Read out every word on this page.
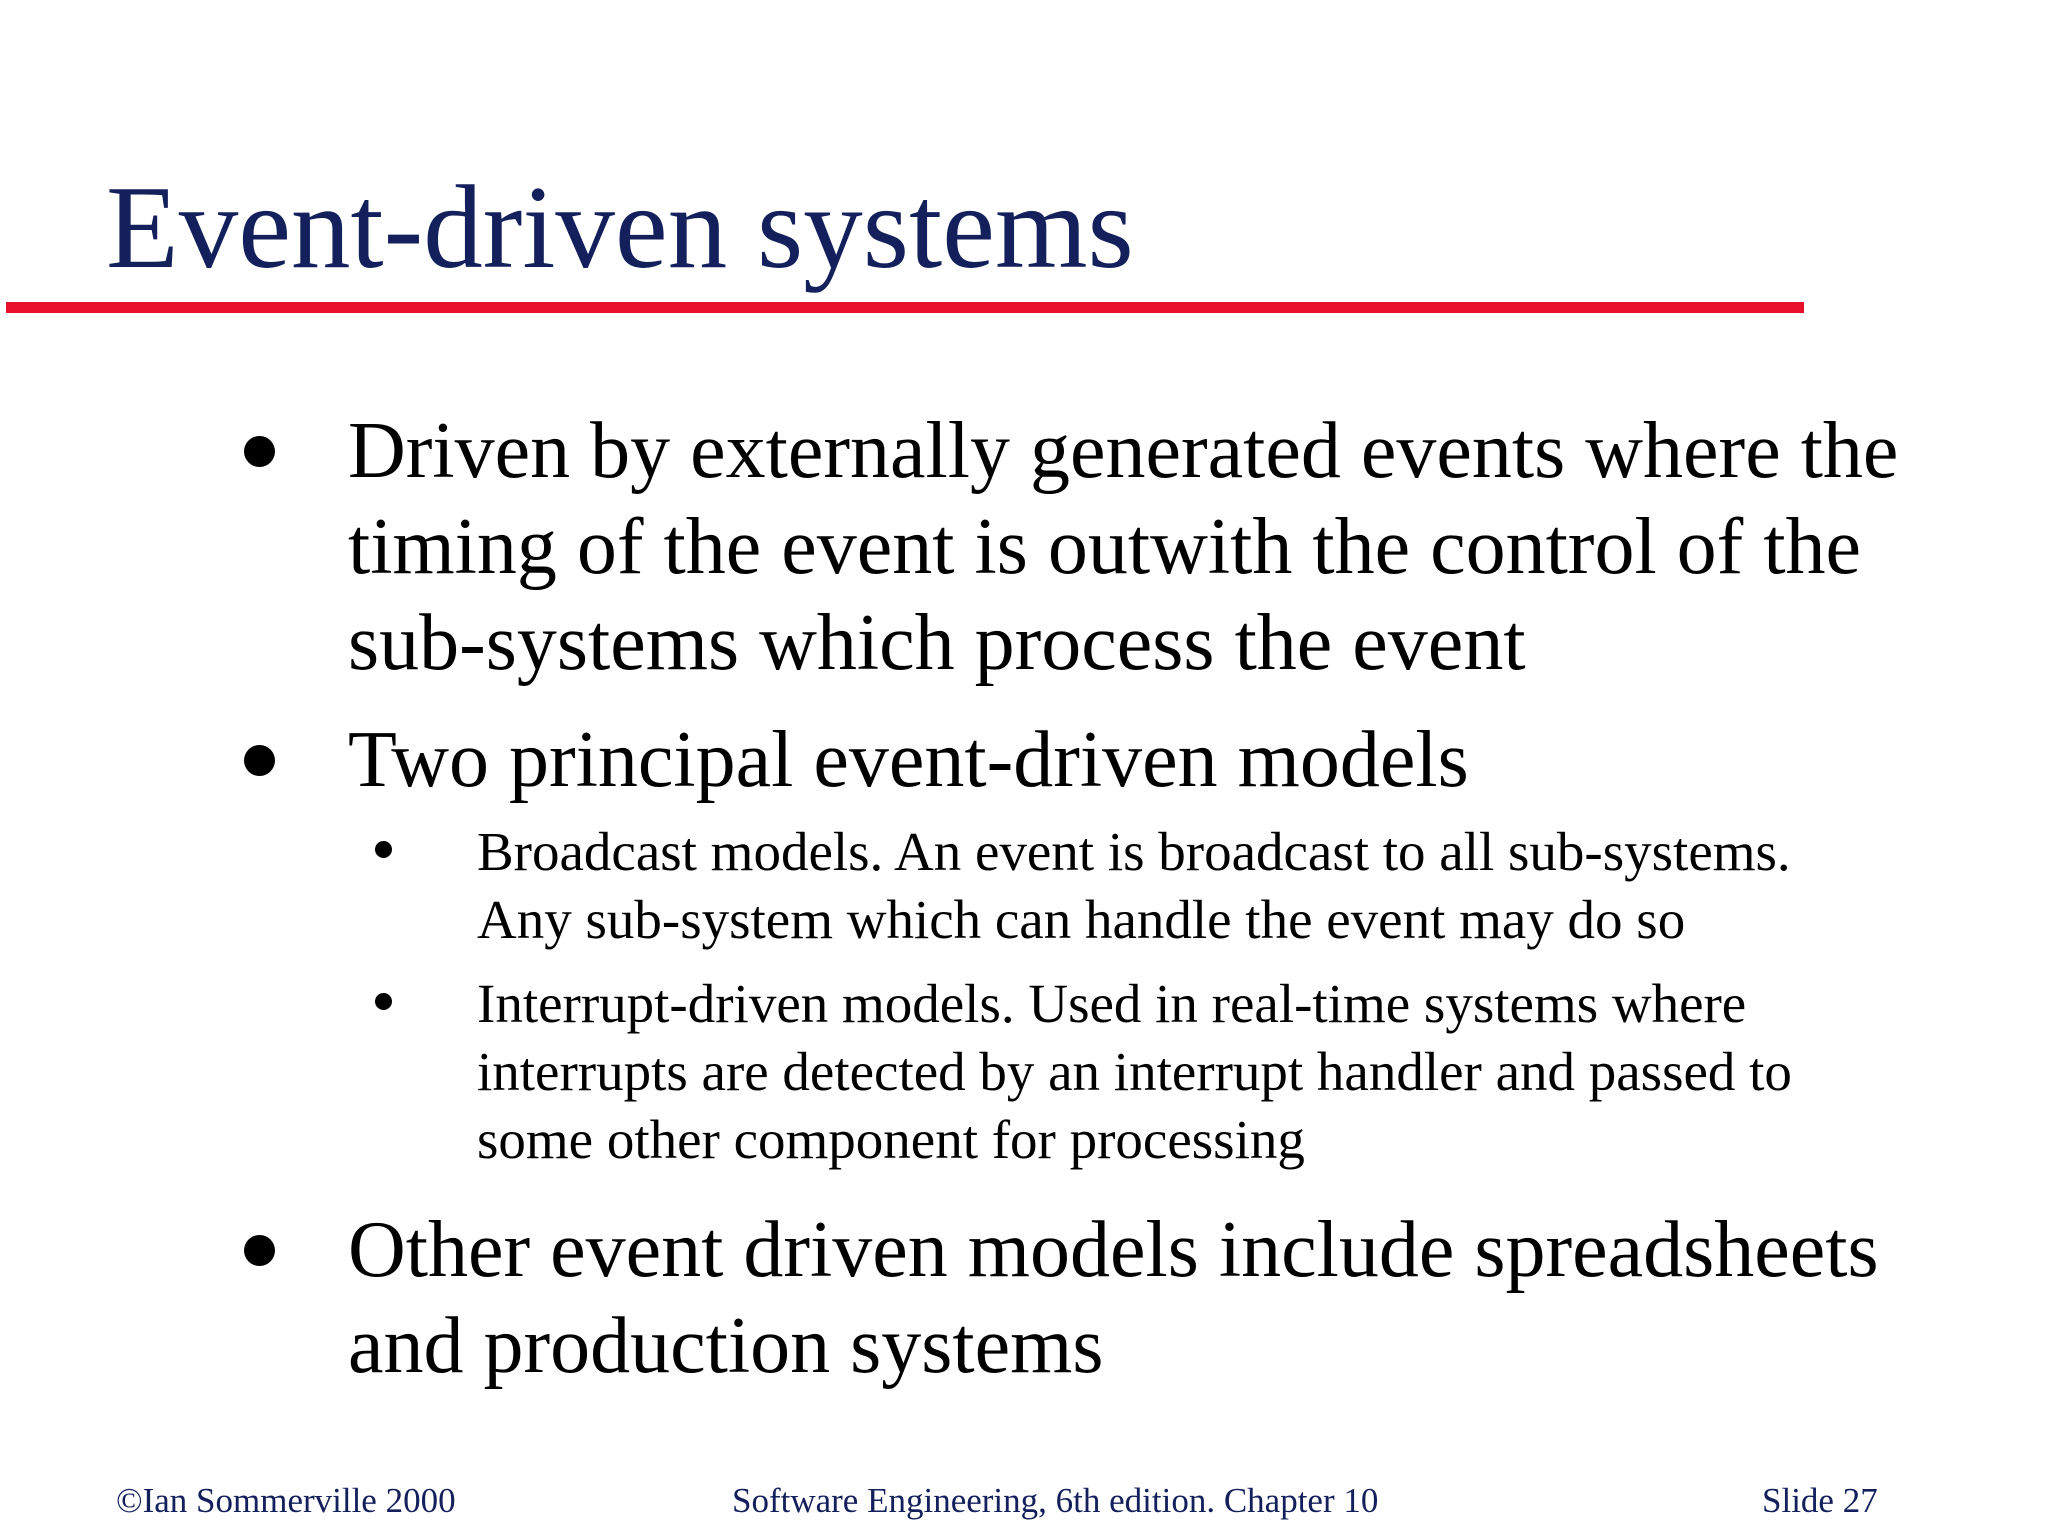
Event-driven systems
Driven by externally generated events where the
timing of the event is outwith the control of the
sub-systems which process the event
Two principal event-driven models
Broadcast models. An event is broadcast to all sub-systems.
Any sub-system which can handle the event may do so
Interrupt-driven models. Used in real-time systems where
interrupts are detected by an interrupt handler and passed to
some other component for processing
Other event driven models include spreadsheets
and production systems
©Ian Sommerville 2000	Software Engineering, 6th edition. Chapter 10	Slide 27
